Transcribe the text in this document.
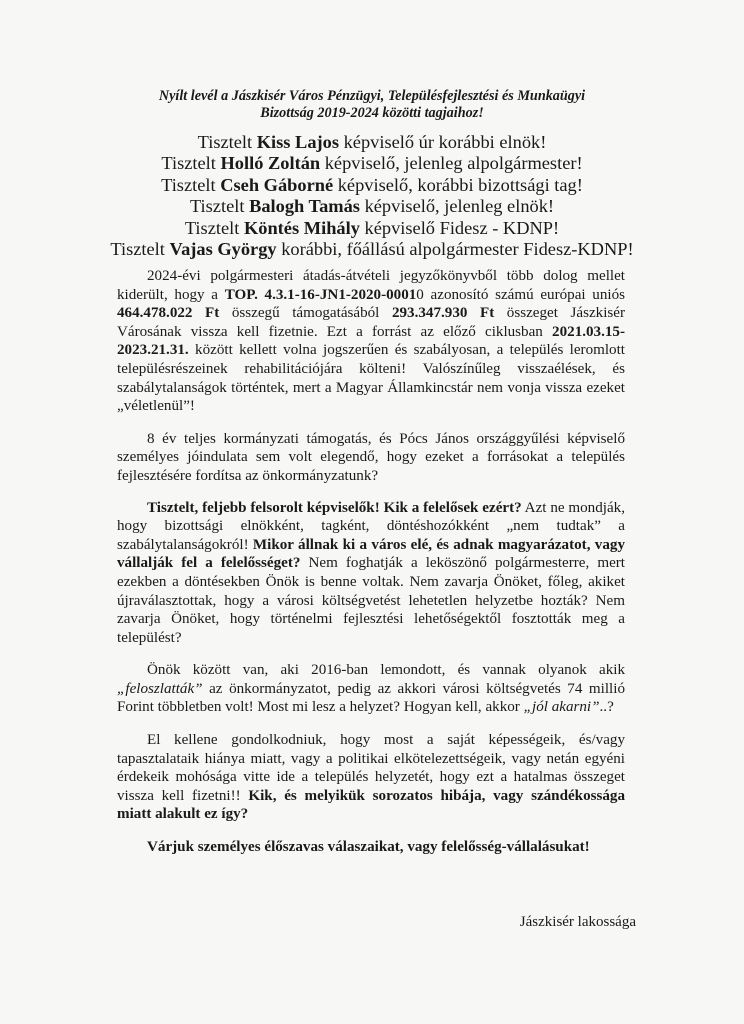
Nyílt levél a Jászkisér Város Pénzügyi, Településfejlesztési és Munkaügyi
Bizottság 2019-2024 közötti tagjaihoz!
Tisztelt Kiss Lajos képviselő úr korábbi elnök!
Tisztelt Holló Zoltán képviselő, jelenleg alpolgármester!
Tisztelt Cseh Gáborné képviselő, korábbi bizottsági tag!
Tisztelt Balogh Tamás képviselő, jelenleg elnök!
Tisztelt Köntés Mihály képviselő Fidesz - KDNP!
Tisztelt Vajas György korábbi, főállású alpolgármester Fidesz-KDNP!

2024-évi polgármesteri átadás-átvételi jegyzőkönyvből több dolog mellet kiderült, hogy a TOP. 4.3.1-16-JN1-2020-00010 azonosító számú európai uniós 464.478.022 Ft összegű támogatásából 293.347.930 Ft összeget Jászkisér Városának vissza kell fizetnie. Ezt a forrást az előző ciklusban 2021.03.15-2023.21.31. között kellett volna jogszerűen és szabályosan, a település leromlott településrészeinek rehabilitációjára költeni! Valószínűleg visszaélések, és szabálytalanságok történtek, mert a Magyar Államkincstár nem vonja vissza ezeket „véletlenül”!

8 év teljes kormányzati támogatás, és Pócs János országgyűlési képviselő személyes jóindulata sem volt elegendő, hogy ezeket a forrásokat a település fejlesztésére fordítsa az önkormányzatunk?

Tisztelt, feljebb felsorolt képviselők! Kik a felelősek ezért? Azt ne mondják, hogy bizottsági elnökként, tagként, döntéshozókként „nem tudtak” a szabálytalanságokról! Mikor állnak ki a város elé, és adnak magyarázatot, vagy vállalják fel a felelősséget? Nem foghatják a leköszönő polgármesterre, mert ezekben a döntésekben Önök is benne voltak. Nem zavarja Önöket, főleg, akiket újraválasztottak, hogy a városi költségvetést lehetetlen helyzetbe hozták? Nem zavarja Önöket, hogy történelmi fejlesztési lehetőségektől fosztották meg a települést?

Önök között van, aki 2016-ban lemondott, és vannak olyanok akik „feloszlatták” az önkormányzatot, pedig az akkori városi költségvetés 74 millió Forint többletben volt! Most mi lesz a helyzet? Hogyan kell, akkor „jól akarni”..?

El kellene gondolkodniuk, hogy most a saját képességeik, és/vagy tapasztalataik hiánya miatt, vagy a politikai elkötelezettségeik, vagy netán egyéni érdekeik mohósága vitte ide a település helyzetét, hogy ezt a hatalmas összeget vissza kell fizetni!! Kik, és melyikük sorozatos hibája, vagy szándékossága miatt alakult ez így?

Várjuk személyes élőszavas válaszaikat, vagy felelősség-vállalásukat!

Jászkisér lakossága
